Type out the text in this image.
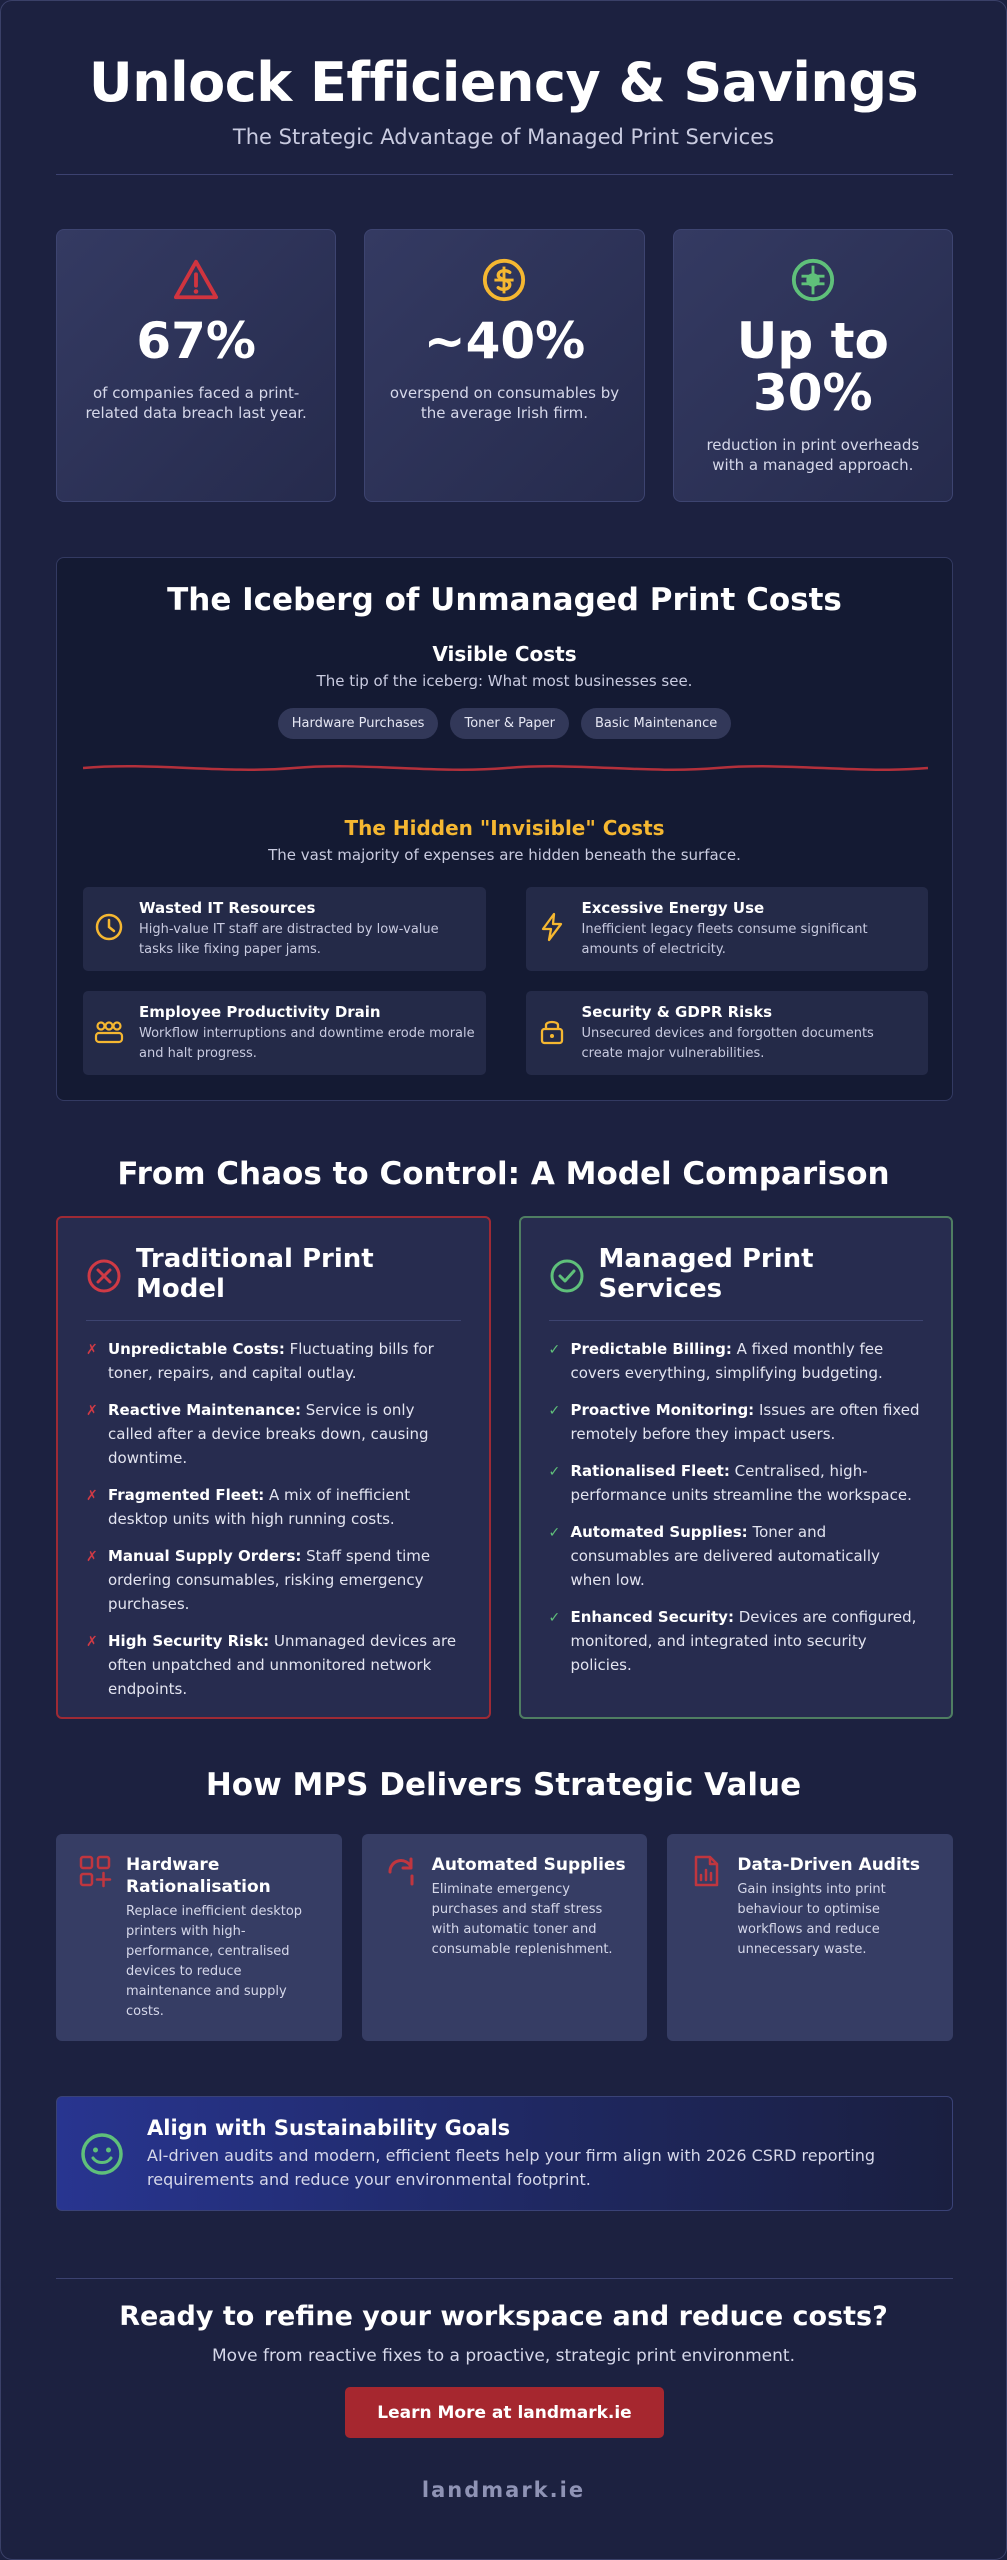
Unlock Efficiency & Savings
The Strategic Advantage of Managed Print Services
67%
of companies faced a print-related data breach last year.
~40%
overspend on consumables by the average Irish firm.
Up to 30%
reduction in print overheads with a managed approach.
The Iceberg of Unmanaged Print Costs
Visible Costs
The tip of the iceberg: What most businesses see.
Hardware Purchases	Toner & Paper	Basic Maintenance
The Hidden "Invisible" Costs
The vast majority of expenses are hidden beneath the surface.
Wasted IT Resources
High-value IT staff are distracted by low-value tasks like fixing paper jams.
Excessive Energy Use
Inefficient legacy fleets consume significant amounts of electricity.
Employee Productivity Drain
Workflow interruptions and downtime erode morale and halt progress.
Security & GDPR Risks
Unsecured devices and forgotten documents create major vulnerabilities.
From Chaos to Control: A Model Comparison
Traditional Print Model
✗ Unpredictable Costs: Fluctuating bills for toner, repairs, and capital outlay.
✗ Reactive Maintenance: Service is only called after a device breaks down, causing downtime.
✗ Fragmented Fleet: A mix of inefficient desktop units with high running costs.
✗ Manual Supply Orders: Staff spend time ordering consumables, risking emergency purchases.
✗ High Security Risk: Unmanaged devices are often unpatched and unmonitored network endpoints.
Managed Print Services
✓ Predictable Billing: A fixed monthly fee covers everything, simplifying budgeting.
✓ Proactive Monitoring: Issues are often fixed remotely before they impact users.
✓ Rationalised Fleet: Centralised, high-performance units streamline the workspace.
✓ Automated Supplies: Toner and consumables are delivered automatically when low.
✓ Enhanced Security: Devices are configured, monitored, and integrated into security policies.
How MPS Delivers Strategic Value
Hardware Rationalisation
Replace inefficient desktop printers with high-performance, centralised devices to reduce maintenance and supply costs.
Automated Supplies
Eliminate emergency purchases and staff stress with automatic toner and consumable replenishment.
Data-Driven Audits
Gain insights into print behaviour to optimise workflows and reduce unnecessary waste.
Align with Sustainability Goals
AI-driven audits and modern, efficient fleets help your firm align with 2026 CSRD reporting requirements and reduce your environmental footprint.
Ready to refine your workspace and reduce costs?
Move from reactive fixes to a proactive, strategic print environment.
Learn More at landmark.ie
landmark.ie
